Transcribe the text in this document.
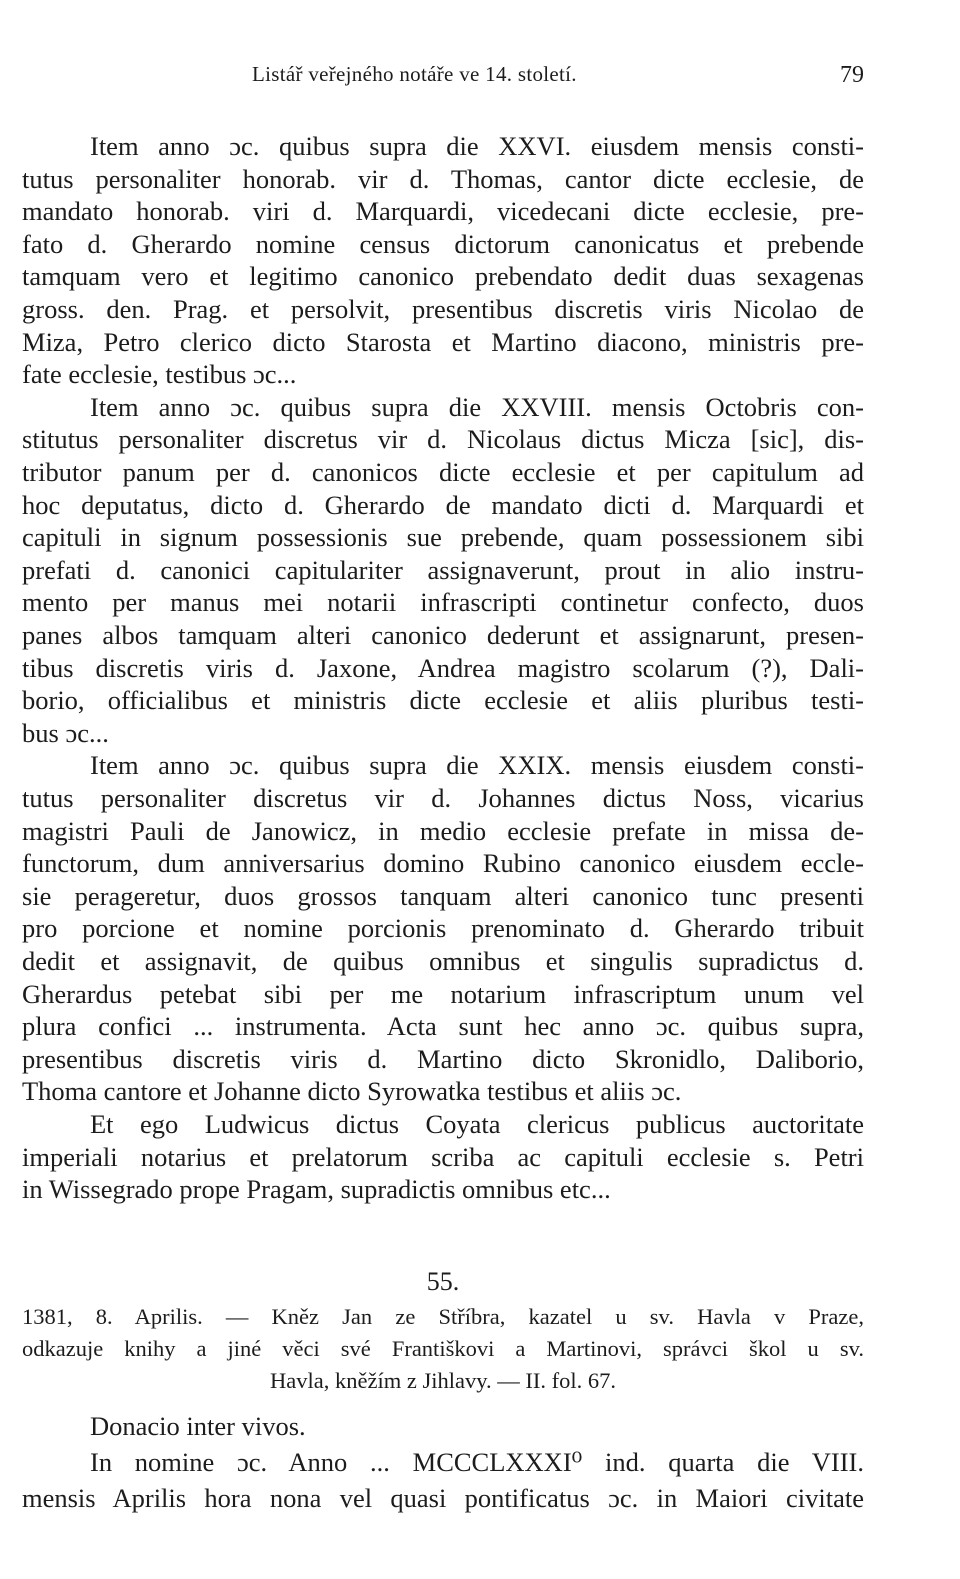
Listář veřejného notáře ve 14. století.	79
Item anno ɔc. quibus supra die XXVI. eiusdem mensis consti-
tutus personaliter honorab. vir d. Thomas, cantor dicte ecclesie, de
mandato honorab. viri d. Marquardi, vicedecani dicte ecclesie, pre-
fato d. Gherardo nomine census dictorum canonicatus et prebende
tamquam vero et legitimo canonico prebendato dedit duas sexagenas
gross. den. Prag. et persolvit, presentibus discretis viris Nicolao de
Miza, Petro clerico dicto Starosta et Martino diacono, ministris pre-
fate ecclesie, testibus ɔc...
Item anno ɔc. quibus supra die XXVIII. mensis Octobris con-
stitutus personaliter discretus vir d. Nicolaus dictus Micza [sic], dis-
tributor panum per d. canonicos dicte ecclesie et per capitulum ad
hoc deputatus, dicto d. Gherardo de mandato dicti d. Marquardi et
capituli in signum possessionis sue prebende, quam possessionem sibi
prefati d. canonici capitulariter assignaverunt, prout in alio instru-
mento per manus mei notarii infrascripti continetur confecto, duos
panes albos tamquam alteri canonico dederunt et assignarunt, presen-
tibus discretis viris d. Jaxone, Andrea magistro scolarum (?), Dali-
borio, officialibus et ministris dicte ecclesie et aliis pluribus testi-
bus ɔc...
Item anno ɔc. quibus supra die XXIX. mensis eiusdem consti-
tutus personaliter discretus vir d. Johannes dictus Noss, vicarius
magistri Pauli de Janowicz, in medio ecclesie prefate in missa de-
functorum, dum anniversarius domino Rubino canonico eiusdem eccle-
sie perageretur, duos grossos tanquam alteri canonico tunc presenti
pro porcione et nomine porcionis prenominato d. Gherardo tribuit
dedit et assignavit, de quibus omnibus et singulis supradictus d.
Gherardus petebat sibi per me notarium infrascriptum unum vel
plura confici ... instrumenta. Acta sunt hec anno ɔc. quibus supra,
presentibus discretis viris d. Martino dicto Skronidlo, Daliborio,
Thoma cantore et Johanne dicto Syrowatka testibus et aliis ɔc.
Et ego Ludwicus dictus Coyata clericus publicus auctoritate
imperiali notarius et prelatorum scriba ac capituli ecclesie s. Petri
in Wissegrado prope Pragam, supradictis omnibus etc...
55.
1381, 8. Aprilis. — Kněz Jan ze Stříbra, kazatel u sv. Havla v Praze,
odkazuje knihy a jiné věci své Františkovi a Martinovi, správci škol u sv.
Havla, kněžím z Jihlavy. — II. fol. 67.
Donacio inter vivos.
In nomine ɔc. Anno ... MCCCLXXXI⁰ ind. quarta die VIII.
mensis Aprilis hora nona vel quasi pontificatus ɔc. in Maiori civitate
